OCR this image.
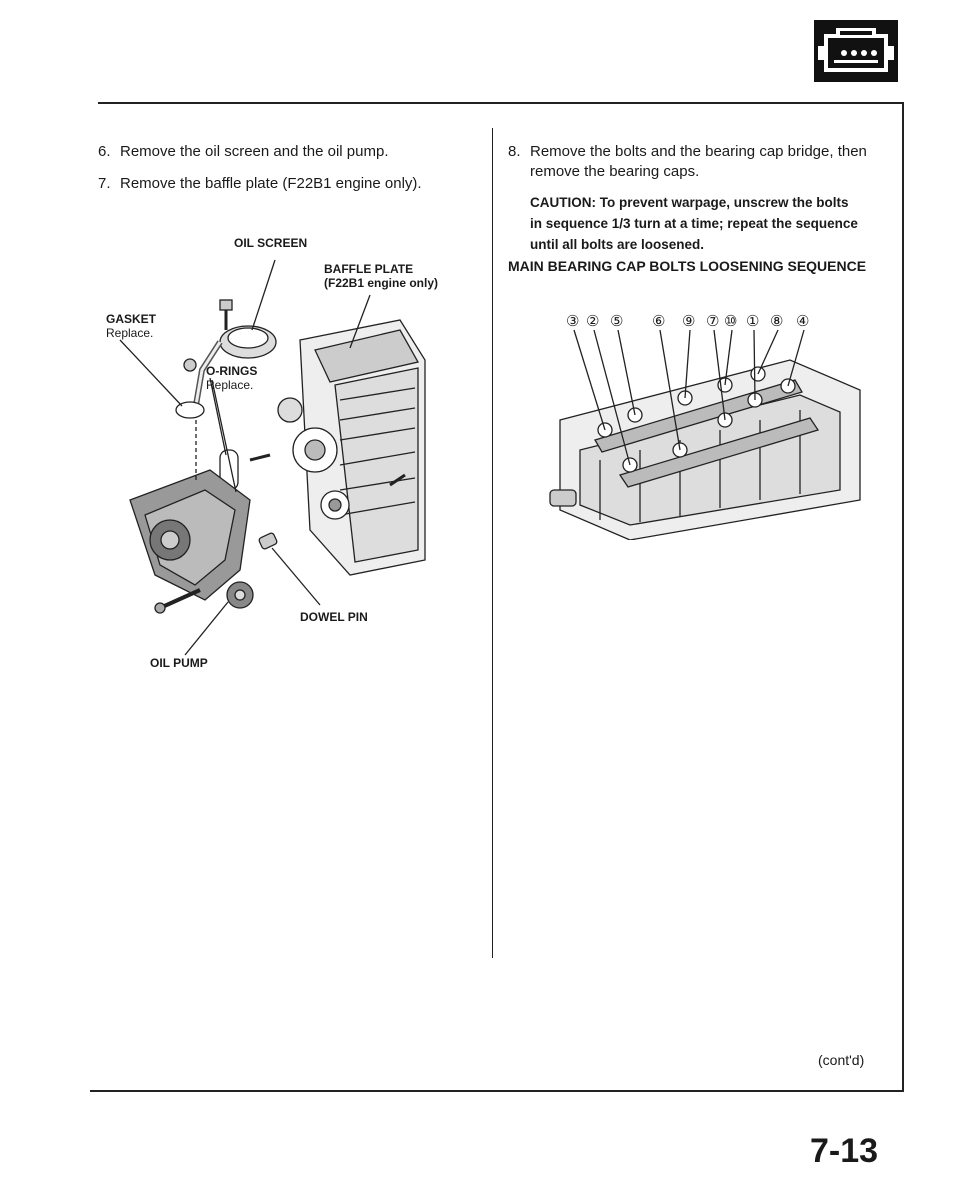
6. Remove the oil screen and the oil pump.
7. Remove the baffle plate (F22B1 engine only).
OIL SCREEN
BAFFLE PLATE
(F22B1 engine only)
GASKET
Replace.
O-RINGS
Replace.
DOWEL PIN
OIL PUMP
8. Remove the bolts and the bearing cap bridge, then
remove the bearing caps.
CAUTION: To prevent warpage, unscrew the bolts
in sequence 1/3 turn at a time; repeat the sequence
until all bolts are loosened.
MAIN BEARING CAP BOLTS LOOSENING SEQUENCE
③ ② ⑤ ⑥ ⑨ ⑦ ⑩ ① ⑧ ④
(cont'd)
7-13
